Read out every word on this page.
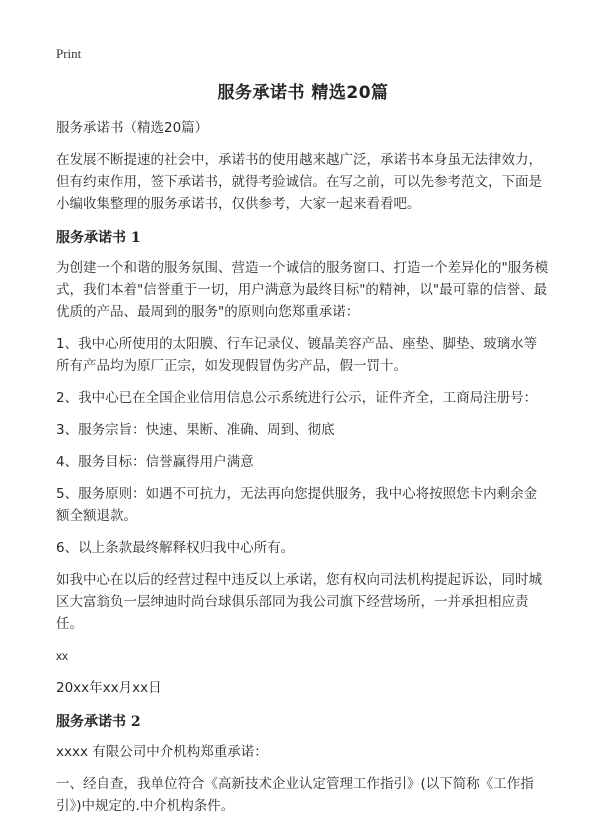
Print
服务承诺书 精选20篇

服务承诺书（精选20篇）

在发展不断提速的社会中，承诺书的使用越来越广泛，承诺书本身虽无法律效力，但有约束作用，签下承诺书，就得考验诚信。在写之前，可以先参考范文，下面是小编收集整理的服务承诺书，仅供参考，大家一起来看看吧。

服务承诺书 1

为创建一个和谐的服务氛围、营造一个诚信的服务窗口、打造一个差异化的"服务模式，我们本着"信誉重于一切，用户满意为最终目标"的精神，以"最可靠的信誉、最优质的产品、最周到的服务"的原则向您郑重承诺：

1、我中心所使用的太阳膜、行车记录仪、镀晶美容产品、座垫、脚垫、玻璃水等所有产品均为原厂正宗，如发现假冒伪劣产品，假一罚十。

2、我中心已在全国企业信用信息公示系统进行公示，证件齐全，工商局注册号：

3、服务宗旨：快速、果断、准确、周到、彻底

4、服务目标：信誉赢得用户满意

5、服务原则：如遇不可抗力，无法再向您提供服务，我中心将按照您卡内剩余金额全额退款。

6、以上条款最终解释权归我中心所有。

如我中心在以后的经营过程中违反以上承诺，您有权向司法机构提起诉讼，同时城区大富翁负一层绅迪时尚台球俱乐部同为我公司旗下经营场所，一并承担相应责任。

xx

20xx年xx月xx日

服务承诺书 2

xxxx 有限公司中介机构郑重承诺：

一、经自查，我单位符合《高新技术企业认定管理工作指引》(以下简称《工作指引》)中规定的.中介机构条件。
